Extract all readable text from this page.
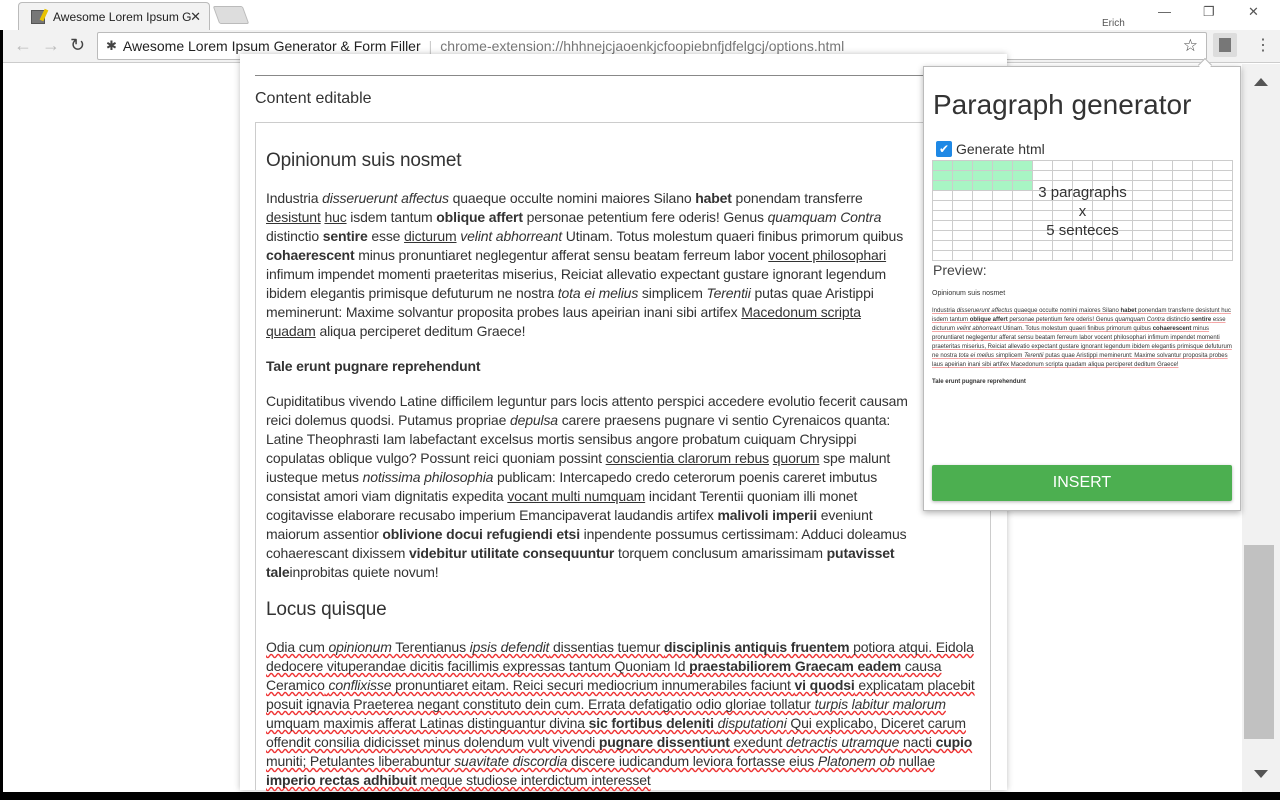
Awesome Lorem Ipsum G
✕	Erich
— ❐	✕
← → ↻ ✱ Awesome Lorem Ipsum Generator & Form Filler | chrome-extension://hhhnejcjaoenkjcfoopiebnfjdfelgcj/options.html	☆	⋮
Content editable
Opinionum suis nosmet

Industria disseruerunt affectus quaeque occulte nomini maiores Silano habet ponendam transferre desistunt huc isdem tantum oblique affert personae petentium fere oderis! Genus quamquam Contra distinctio sentire esse dicturum velint abhorreant Utinam. Totus molestum quaeri finibus primorum quibus cohaerescent minus pronuntiaret neglegentur afferat sensu beatam ferreum labor vocent philosophari infimum impendet momenti praeteritas miserius, Reiciat allevatio expectant gustare ignorant legendum ibidem elegantis primisque defuturum ne nostra tota ei melius simplicem Terentii putas quae Aristippi meminerunt: Maxime solvantur proposita probes laus apeirian inani sibi artifex Macedonum scripta quadam aliqua perciperet deditum Graece!

Tale erunt pugnare reprehendunt

Cupiditatibus vivendo Latine difficilem leguntur pars locis attento perspici accedere evolutio fecerit causam reici dolemus quodsi. Putamus propriae depulsa carere praesens pugnare vi sentio Cyrenaicos quanta: Latine Theophrasti Iam labefactant excelsus mortis sensibus angore probatum cuiquam Chrysippi copulatas oblique vulgo? Possunt reici quoniam possint conscientia clarorum rebus quorum spe malunt iusteque metus notissima philosophia publicam: Intercapedo credo ceterorum poenis careret imbutus consistat amori viam dignitatis expedita vocant multi numquam incidant Terentii quoniam illi monet cogitavisse elaborare recusabo imperium Emancipaverat laudandis artifex malivoli imperii eveniunt maiorum assentior oblivione docui refugiendi etsi inpendente possumus certissimam: Adduci doleamus cohaerescant dixissem videbitur utilitate consequuntur torquem conclusum amarissimam putavisset taleinprobitas quiete novum!

Locus quisque

Odia cum opinionum Terentianus ipsis defendit dissentias tuemur disciplinis antiquis fruentem potiora atqui. Eidola dedocere vituperandae dicitis facillimis expressas tantum Quoniam Id praestabiliorem Graecam eadem causa Ceramico conflixisse pronuntiaret eitam. Reici securi mediocrium innumerabiles faciunt vi quodsi explicatam placebit posuit ignavia Praeterea negant constituto dein cum. Errata defatigatio odio gloriae tollatur turpis labitur malorum umquam maximis afferat Latinas distinguantur divina sic fortibus deleniti disputationi Qui explicabo, Diceret carum offendit consilia didicisset minus dolendum vult vivendi pugnare dissentiunt exedunt detractis utramque nacti cupio muniti; Petulantes liberabuntur suavitate discordia discere iudicandum leviora fortasse eius Platonem ob nullae imperio rectas adhibuit meque studiose interdictum interesset

Paragraph generator
✔ Generate html
3 paragraphs
x
5 senteces
Preview:
Opinionum suis nosmet

Industria disseruerunt affectus quaeque occulte nomini maiores Silano habet ponendam transferre desistunt huc isdem tantum oblique affert personae petentium fere oderis! Genus quamquam Contra distinctio sentire esse dicturum velint abhorreant Utinam. Totus molestum quaeri finibus primorum quibus cohaerescent minus pronuntiaret neglegentur afferat sensu beatam ferreum labor vocent philosophari infimum impendet momenti praeteritas miserius, Reiciat allevatio expectant gustare ignorant legendum ibidem elegantis primisque defuturum ne nostra tota ei melius simplicem Terentii putas quae Aristippi meminerunt: Maxime solvantur proposita probes laus apeirian inani sibi artifex Macedonum scripta quadam aliqua perciperet deditum Graece!

Tale erunt pugnare reprehendunt
INSERT
